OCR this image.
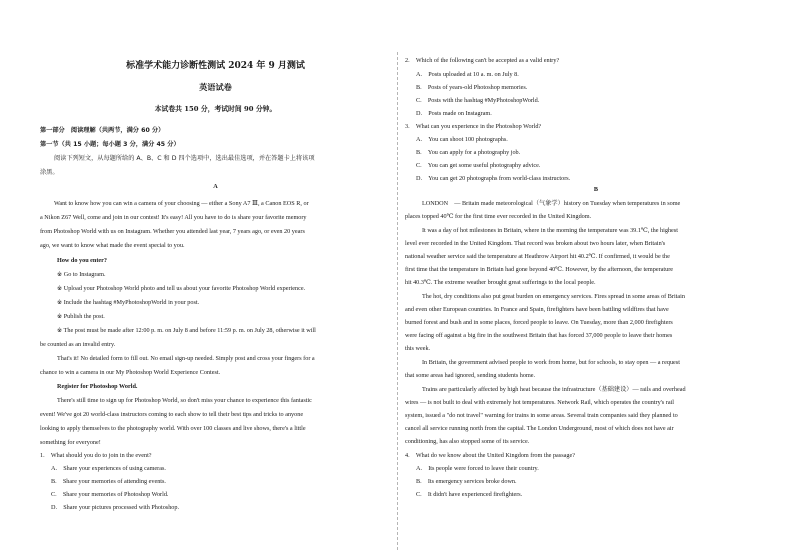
标准学术能力诊断性测试 2024 年 9 月测试
英语试卷
本试卷共 150 分，考试时间 90 分钟。
第一部分　阅读理解（共两节，满分 60 分）
第一节（共 15 小题；每小题 3 分，满分 45 分）
阅读下列短文，从每题所给的 A、B、C 和 D 四个选项中，选出最佳选项，并在答题卡上将该项
涂黑。
A
Want to know how you can win a camera of your choosing — either a Sony A7 Ⅲ, a Canon EOS R, or
a Nikon Z67 Well, come and join in our contest! It's easy! All you have to do is share your favorite memory
from Photoshop World with us on Instagram. Whether you attended last year, 7 years ago, or even 20 years
ago, we want to know what made the event special to you.
How do you enter?
※ Go to Instagram.
※ Upload your Photoshop World photo and tell us about your favorite Photoshop World experience.
※ Include the hashtag #MyPhotoshopWorld in your post.
※ Publish the post.
※ The post must be made after 12:00 p. m. on July 8 and before 11:59 p. m. on July 28, otherwise it will
be counted as an invalid entry.
That's it! No detailed form to fill out. No email sign-up needed. Simply post and cross your fingers for a
chance to win a camera in our My Photoshop World Experience Contest.
Register for Photoshop World.
There's still time to sign up for Photoshop World, so don't miss your chance to experience this fantastic
event! We've got 20 world-class instructors coming to each show to tell their best tips and tricks to anyone
looking to apply themselves to the photography world. With over 100 classes and live shows, there's a little
something for everyone!
1.　What should you do to join in the event?
A.　Share your experiences of using cameras.
B.　Share your memories of attending events.
C.　Share your memories of Photoshop World.
D.　Share your pictures processed with Photoshop.
2.　Which of the following can't be accepted as a valid entry?
A.　Posts uploaded at 10 a. m. on July 8.
B.　Posts of years-old Photoshop memories.
C.　Posts with the hashtag #MyPhotoshopWorld.
D.　Posts made on Instagram.
3.　What can you experience in the Photoshop World?
A.　You can shoot 100 photographs.
B.　You can apply for a photography job.
C.　You can get some useful photography advice.
D.　You can get 20 photographs from world-class instructors.
B
LONDON　— Britain made meteorological（气象学）history on Tuesday when temperatures in some
places topped 40℃ for the first time ever recorded in the United Kingdom.
It was a day of hot milestones in Britain, where in the morning the temperature was 39.1℃, the highest
level ever recorded in the United Kingdom. That record was broken about two hours later, when Britain's
national weather service said the temperature at Heathrow Airport hit 40.2℃. If confirmed, it would be the
first time that the temperature in Britain had gone beyond 40℃. However, by the afternoon, the temperature
hit 40.3℃. The extreme weather brought great sufferings to the local people.
The hot, dry conditions also put great burden on emergency services. Fires spread in some areas of Britain
and even other European countries. In France and Spain, firefighters have been battling wildfires that have
burned forest and bush and in some places, forced people to leave. On Tuesday, more than 2,000 firefighters
were facing off against a big fire in the southwest Britain that has forced 37,000 people to leave their homes
this week.
In Britain, the government advised people to work from home, but for schools, to stay open — a request
that some areas had ignored, sending students home.
Trains are particularly affected by high heat because the infrastructure（基础建设）— rails and overhead
wires — is not built to deal with extremely hot temperatures. Network Rail, which operates the country's rail
system, issued a "do not travel" warning for trains in some areas. Several train companies said they planned to
cancel all service running north from the capital. The London Underground, most of which does not have air
conditioning, has also stopped some of its service.
4.　What do we know about the United Kingdom from the passage?
A.　Its people were forced to leave their country.
B.　Its emergency services broke down.
C.　It didn't have experienced firefighters.
